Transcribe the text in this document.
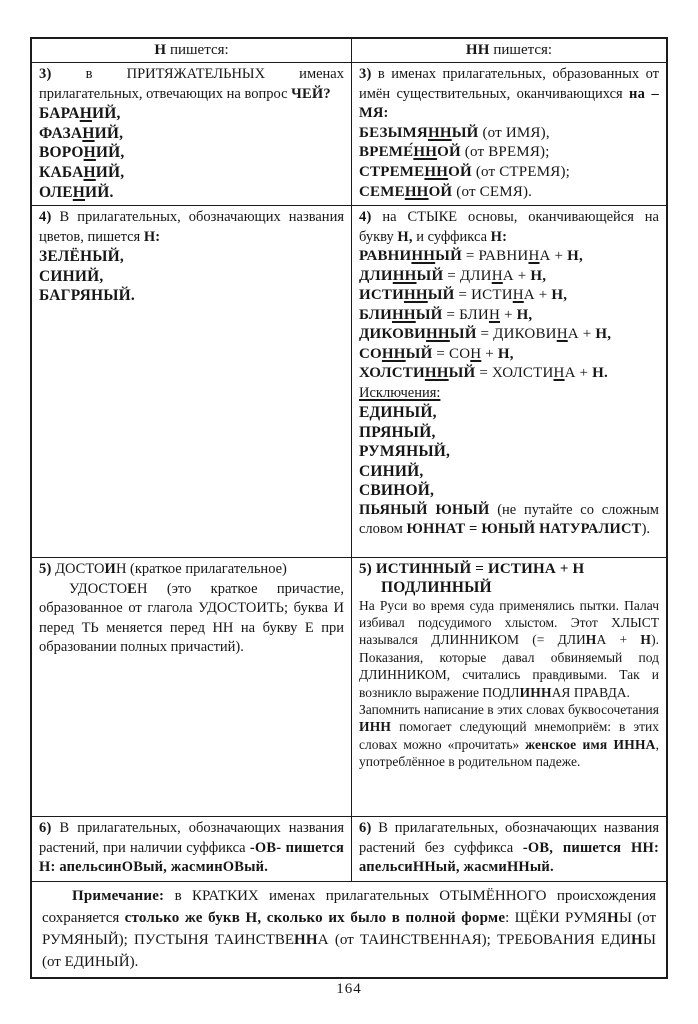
Н пишется:	НН пишется:
3) в ПРИТЯЖАТЕЛЬНЫХ именах прилагательных, отвечающих на вопрос ЧЕЙ?
БАРАНИЙ,
ФАЗАНИЙ,
ВОРОНИЙ,
КАБАНИЙ,
ОЛЕНИЙ.
3) в именах прилагательных, образованных от имён существительных, оканчивающихся на – МЯ:
БЕЗЫМЯННЫЙ (от ИМЯ),
ВРЕМЕ́ННОЙ (от ВРЕМЯ);
СТРЕМЕННОЙ (от СТРЕМЯ);
СЕМЕННОЙ (от СЕМЯ).
4) В прилагательных, обозначающих названия цветов, пишется Н:
ЗЕЛЁНЫЙ,
СИНИЙ,
БАГРЯНЫЙ.
4) на СТЫКЕ основы, оканчивающейся на букву Н, и суффикса Н:
РАВНИННЫЙ = РАВНИНА + Н,
ДЛИННЫЙ = ДЛИНА + Н,
ИСТИННЫЙ = ИСТИНА + Н,
БЛИННЫЙ = БЛИН + Н,
ДИКОВИННЫЙ = ДИКОВИНА + Н,
СОННЫЙ = СОН + Н,
ХОЛСТИННЫЙ = ХОЛСТИНА + Н.
Исключения:
ЕДИНЫЙ,
ПРЯНЫЙ,
РУМЯНЫЙ,
СИНИЙ,
СВИНОЙ,
ПЬЯНЫЙ ЮНЫЙ (не путайте со сложным словом ЮННАТ = ЮНЫЙ НАТУРАЛИСТ).
5) ДОСТОИН (краткое прилагательное)
УДОСТОЕН (это краткое причастие, образованное от глагола УДОСТОИТЬ; буква И перед ТЬ меняется перед НН на букву Е при образовании полных причастий).
5) ИСТИННЫЙ = ИСТИНА + Н
ПОДЛИННЫЙ
На Руси во время суда применялись пытки. Палач избивал подсудимого хлыстом. Этот ХЛЫСТ назывался ДЛИННИКОМ (= ДЛИНА + Н). Показания, которые давал обвиняемый под ДЛИННИКОМ, считались правдивыми. Так и возникло выражение ПОДЛИННАЯ ПРАВДА.
Запомнить написание в этих словах буквосочетания ИНН помогает следующий мнемоприём: в этих словах можно «прочитать» женское имя ИННА, употреблённое в родительном падеже.
6) В прилагательных, обозначающих названия растений, при наличии суффикса -ОВ- пишется Н: апельсинОВый, жасминОВый.
6) В прилагательных, обозначающих названия растений без суффикса -ОВ, пишется НН: апельсиННый, жасмиННый.
Примечание: в КРАТКИХ именах прилагательных ОТЫМЁННОГО происхождения сохраняется столько же букв Н, сколько их было в полной форме: ЩЁКИ РУМЯНЫ (от РУМЯНЫЙ); ПУСТЫНЯ ТАИНСТВЕННА (от ТАИНСТВЕННАЯ); ТРЕБОВАНИЯ ЕДИНЫ (от ЕДИНЫЙ).
164
